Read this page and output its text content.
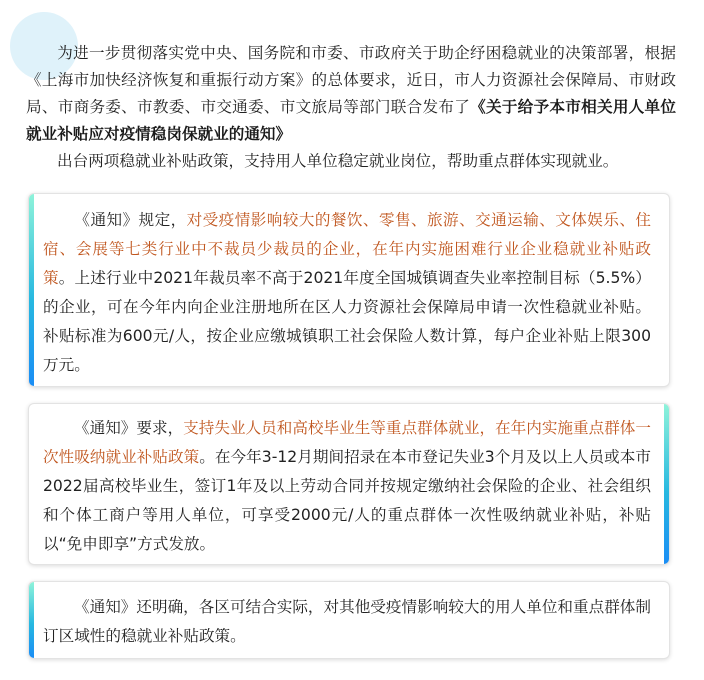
为进一步贯彻落实党中央、国务院和市委、市政府关于助企纾困稳就业的决策部署，根据《上海市加快经济恢复和重振行动方案》的总体要求，近日，市人力资源社会保障局、市财政局、市商务委、市教委、市交通委、市文旅局等部门联合发布了《关于给予本市相关用人单位就业补贴应对疫情稳岗保就业的通知》
出台两项稳就业补贴政策，支持用人单位稳定就业岗位，帮助重点群体实现就业。

《通知》规定，对受疫情影响较大的餐饮、零售、旅游、交通运输、文体娱乐、住宿、会展等七类行业中不裁员少裁员的企业，在年内实施困难行业企业稳就业补贴政策。上述行业中2021年裁员率不高于2021年度全国城镇调查失业率控制目标（5.5%）的企业，可在今年内向企业注册地所在区人力资源社会保障局申请一次性稳就业补贴。补贴标准为600元/人，按企业应缴城镇职工社会保险人数计算，每户企业补贴上限300万元。

《通知》要求，支持失业人员和高校毕业生等重点群体就业，在年内实施重点群体一次性吸纳就业补贴政策。在今年3-12月期间招录在本市登记失业3个月及以上人员或本市2022届高校毕业生，签订1年及以上劳动合同并按规定缴纳社会保险的企业、社会组织和个体工商户等用人单位，可享受2000元/人的重点群体一次性吸纳就业补贴，补贴以“免申即享”方式发放。

《通知》还明确，各区可结合实际，对其他受疫情影响较大的用人单位和重点群体制订区域性的稳就业补贴政策。
